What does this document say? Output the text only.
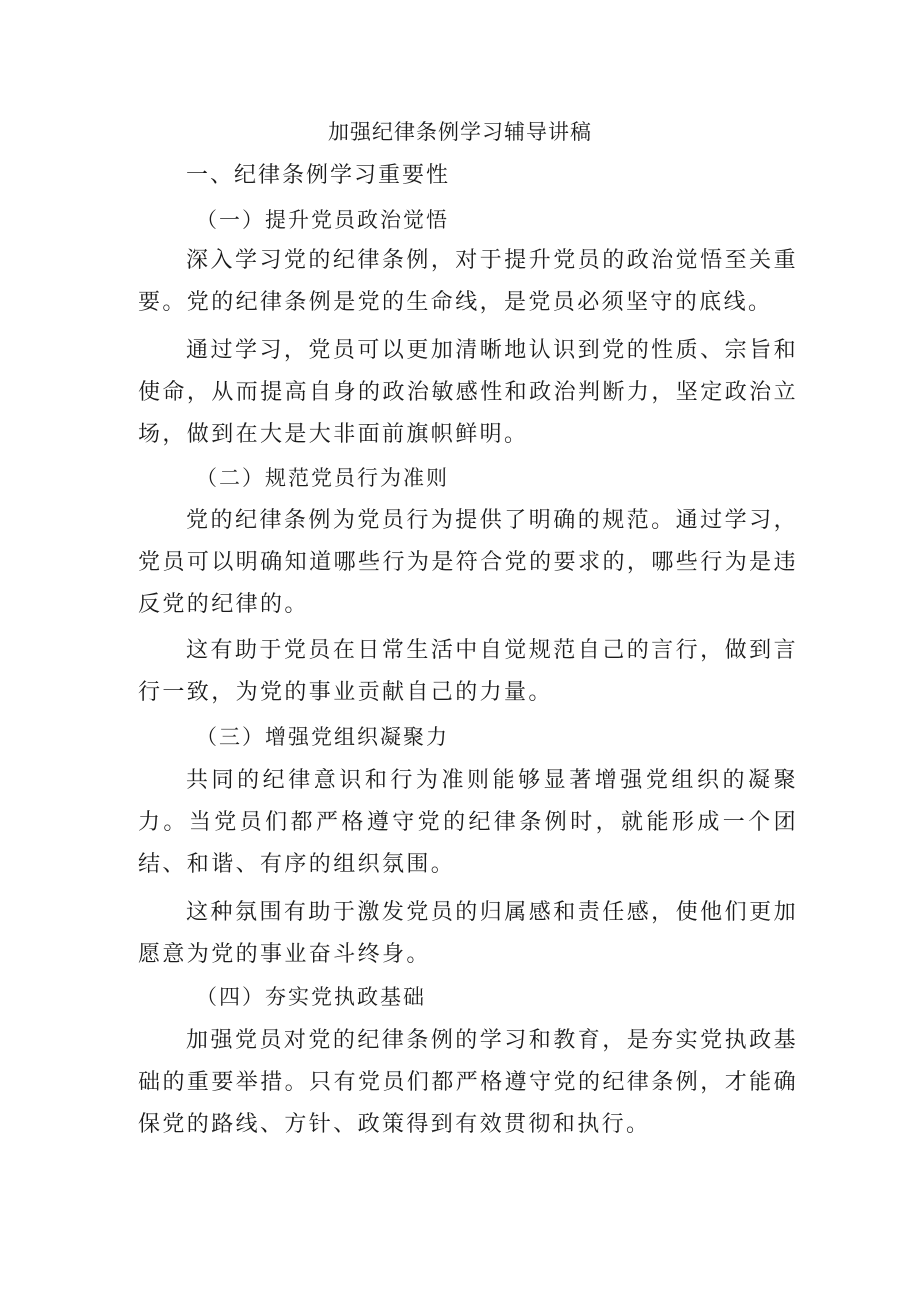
加强纪律条例学习辅导讲稿
一、纪律条例学习重要性
（一）提升党员政治觉悟

深入学习党的纪律条例，对于提升党员的政治觉悟至关重要。党的纪律条例是党的生命线，是党员必须坚守的底线。

通过学习，党员可以更加清晰地认识到党的性质、宗旨和使命，从而提高自身的政治敏感性和政治判断力，坚定政治立场，做到在大是大非面前旗帜鲜明。

（二）规范党员行为准则

党的纪律条例为党员行为提供了明确的规范。通过学习，党员可以明确知道哪些行为是符合党的要求的，哪些行为是违反党的纪律的。

这有助于党员在日常生活中自觉规范自己的言行，做到言行一致，为党的事业贡献自己的力量。

（三）增强党组织凝聚力

共同的纪律意识和行为准则能够显著增强党组织的凝聚力。当党员们都严格遵守党的纪律条例时，就能形成一个团结、和谐、有序的组织氛围。

这种氛围有助于激发党员的归属感和责任感，使他们更加愿意为党的事业奋斗终身。

（四）夯实党执政基础

加强党员对党的纪律条例的学习和教育，是夯实党执政基础的重要举措。只有党员们都严格遵守党的纪律条例，才能确保党的路线、方针、政策得到有效贯彻和执行。
